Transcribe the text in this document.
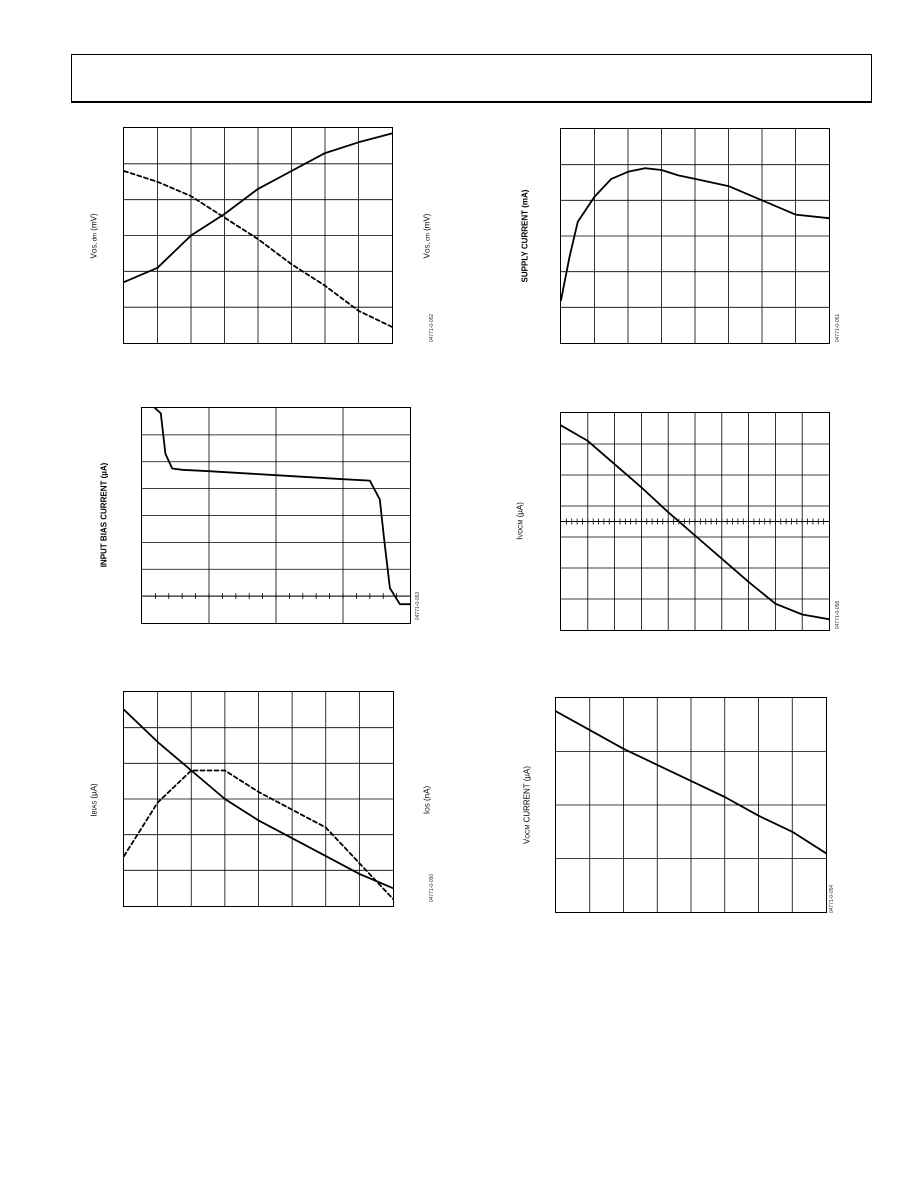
VOS, dm (mV)
VOS, cm (mV)
04771-0-052
SUPPLY CURRENT (mA)
04771-0-051
INPUT BIAS CURRENT (µA)
04771-0-053
IVOCM (µA)
04771-0-058
IBIAS (µA)
IOS (nA)
04771-0-050
VOCM CURRENT (µA)
04771-0-054
